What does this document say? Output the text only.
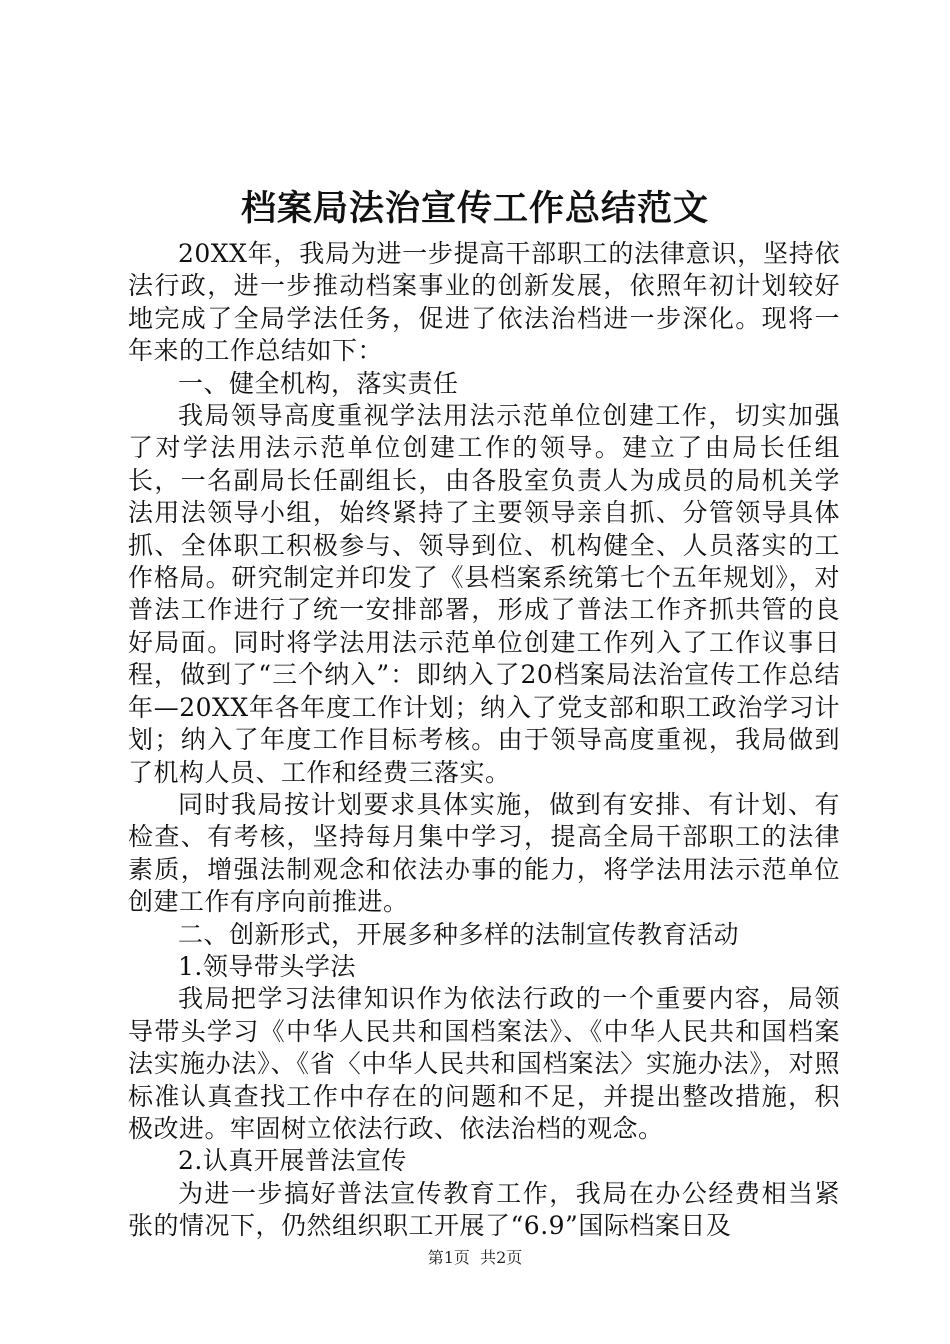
档案局法治宣传工作总结范文

20XX年，我局为进一步提高干部职工的法律意识，坚持依法行政，进一步推动档案事业的创新发展，依照年初计划较好地完成了全局学法任务，促进了依法治档进一步深化。现将一年来的工作总结如下：

一、健全机构，落实责任

我局领导高度重视学法用法示范单位创建工作，切实加强了对学法用法示范单位创建工作的领导。建立了由局长任组长，一名副局长任副组长，由各股室负责人为成员的局机关学法用法领导小组，始终紧持了主要领导亲自抓、分管领导具体抓、全体职工积极参与、领导到位、机构健全、人员落实的工作格局。研究制定并印发了《县档案系统第七个五年规划》，对普法工作进行了统一安排部署，形成了普法工作齐抓共管的良好局面。同时将学法用法示范单位创建工作列入了工作议事日程，做到了“三个纳入”：即纳入了20档案局法治宣传工作总结年—20XX年各年度工作计划；纳入了党支部和职工政治学习计划；纳入了年度工作目标考核。由于领导高度重视，我局做到了机构人员、工作和经费三落实。

同时我局按计划要求具体实施，做到有安排、有计划、有检查、有考核，坚持每月集中学习，提高全局干部职工的法律素质，增强法制观念和依法办事的能力，将学法用法示范单位创建工作有序向前推进。

二、创新形式，开展多种多样的法制宣传教育活动

1.领导带头学法

我局把学习法律知识作为依法行政的一个重要内容，局领导带头学习《中华人民共和国档案法》、《中华人民共和国档案法实施办法》、《省〈中华人民共和国档案法〉实施办法》，对照标准认真查找工作中存在的问题和不足，并提出整改措施，积极改进。牢固树立依法行政、依法治档的观念。

2.认真开展普法宣传

为进一步搞好普法宣传教育工作，我局在办公经费相当紧张的情况下，仍然组织职工开展了“6.9”国际档案日及

第1页  共2页
